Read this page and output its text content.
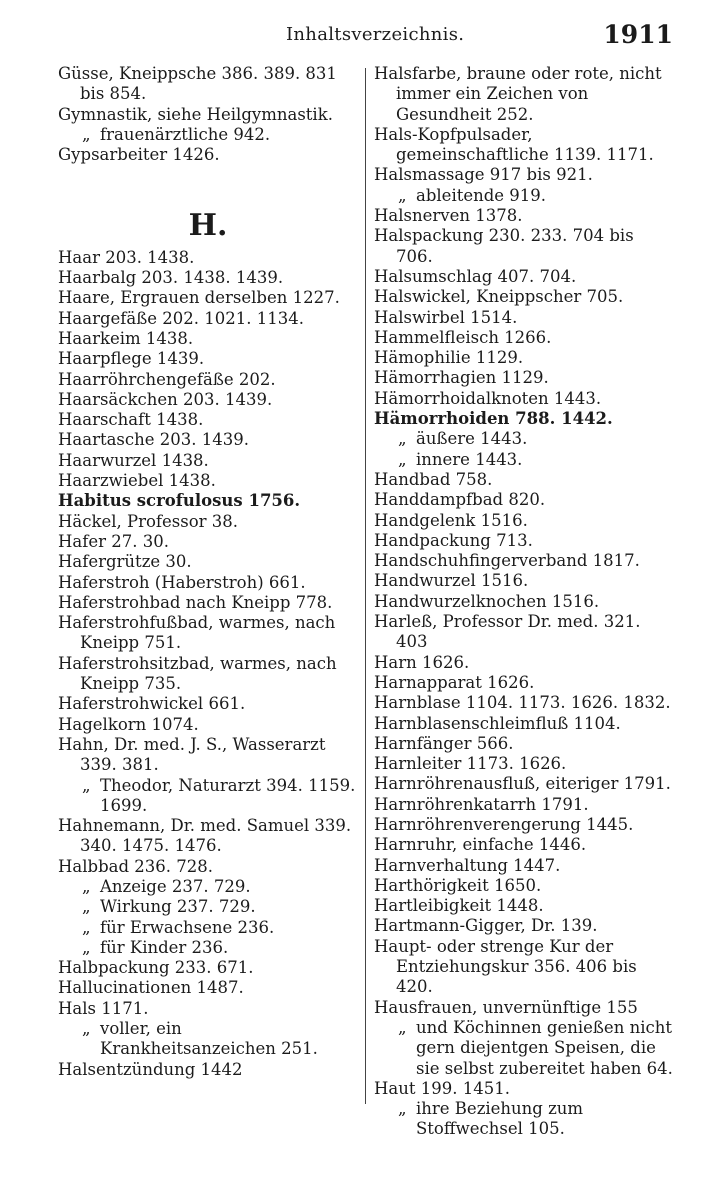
Inhaltsverzeichnis.	1911
Güsse, Kneippsche 386. 389. 831 bis 854.
Gymnastik, siehe Heilgymnastik.
„ frauenärztliche 942.
Gypsarbeiter 1426.
H.
Haar 203. 1438.
Haarbalg 203. 1438. 1439.
Haare, Ergrauen derselben 1227.
Haargefäße 202. 1021. 1134.
Haarkeim 1438.
Haarpflege 1439.
Haarröhrchengefäße 202.
Haarsäckchen 203. 1439.
Haarschaft 1438.
Haartasche 203. 1439.
Haarwurzel 1438.
Haarzwiebel 1438.
Habitus scrofulosus 1756.
Häckel, Professor 38.
Hafer 27. 30.
Hafergrütze 30.
Haferstroh (Haberstroh) 661.
Haferstrohbad nach Kneipp 778.
Haferstrohfußbad, warmes, nach Kneipp 751.
Haferstrohsitzbad, warmes, nach Kneipp 735.
Haferstrohwickel 661.
Hagelkorn 1074.
Hahn, Dr. med. J. S., Wasserarzt 339. 381.
„ Theodor, Naturarzt 394. 1159. 1699.
Hahnemann, Dr. med. Samuel 339. 340. 1475. 1476.
Halbbad 236. 728.
„ Anzeige 237. 729.
„ Wirkung 237. 729.
„ für Erwachsene 236.
„ für Kinder 236.
Halbpackung 233. 671.
Hallucinationen 1487.
Hals 1171.
„ voller, ein Krankheitsanzeichen 251.
Halsentzündung 1442
Halsfarbe, braune oder rote, nicht immer ein Zeichen von Gesundheit 252.
Hals-Kopfpulsader, gemeinschaftliche 1139. 1171.
Halsmassage 917 bis 921.
„ ableitende 919.
Halsnerven 1378.
Halspackung 230. 233. 704 bis 706.
Halsumschlag 407. 704.
Halswickel, Kneippscher 705.
Halswirbel 1514.
Hammelfleisch 1266.
Hämophilie 1129.
Hämorrhagien 1129.
Hämorrhoidalknoten 1443.
Hämorrhoiden 788. 1442.
„ äußere 1443.
„ innere 1443.
Handbad 758.
Handdampfbad 820.
Handgelenk 1516.
Handpackung 713.
Handschuhfingerverband 1817.
Handwurzel 1516.
Handwurzelknochen 1516.
Harleß, Professor Dr. med. 321. 403
Harn 1626.
Harnapparat 1626.
Harnblase 1104. 1173. 1626. 1832.
Harnblasenschleimfluß 1104.
Harnfänger 566.
Harnleiter 1173. 1626.
Harnröhrenausfluß, eiteriger 1791.
Harnröhrenkatarrh 1791.
Harnröhrenverengerung 1445.
Harnruhr, einfache 1446.
Harnverhaltung 1447.
Harthörigkeit 1650.
Hartleibigkeit 1448.
Hartmann-Gigger, Dr. 139.
Haupt- oder strenge Kur der Entziehungskur 356. 406 bis 420.
Hausfrauen, unvernünftige 155
„ und Köchinnen genießen nicht gern diejentgen Speisen, die sie selbst zubereitet haben 64.
Haut 199. 1451.
„ ihre Beziehung zum Stoffwechsel 105.
